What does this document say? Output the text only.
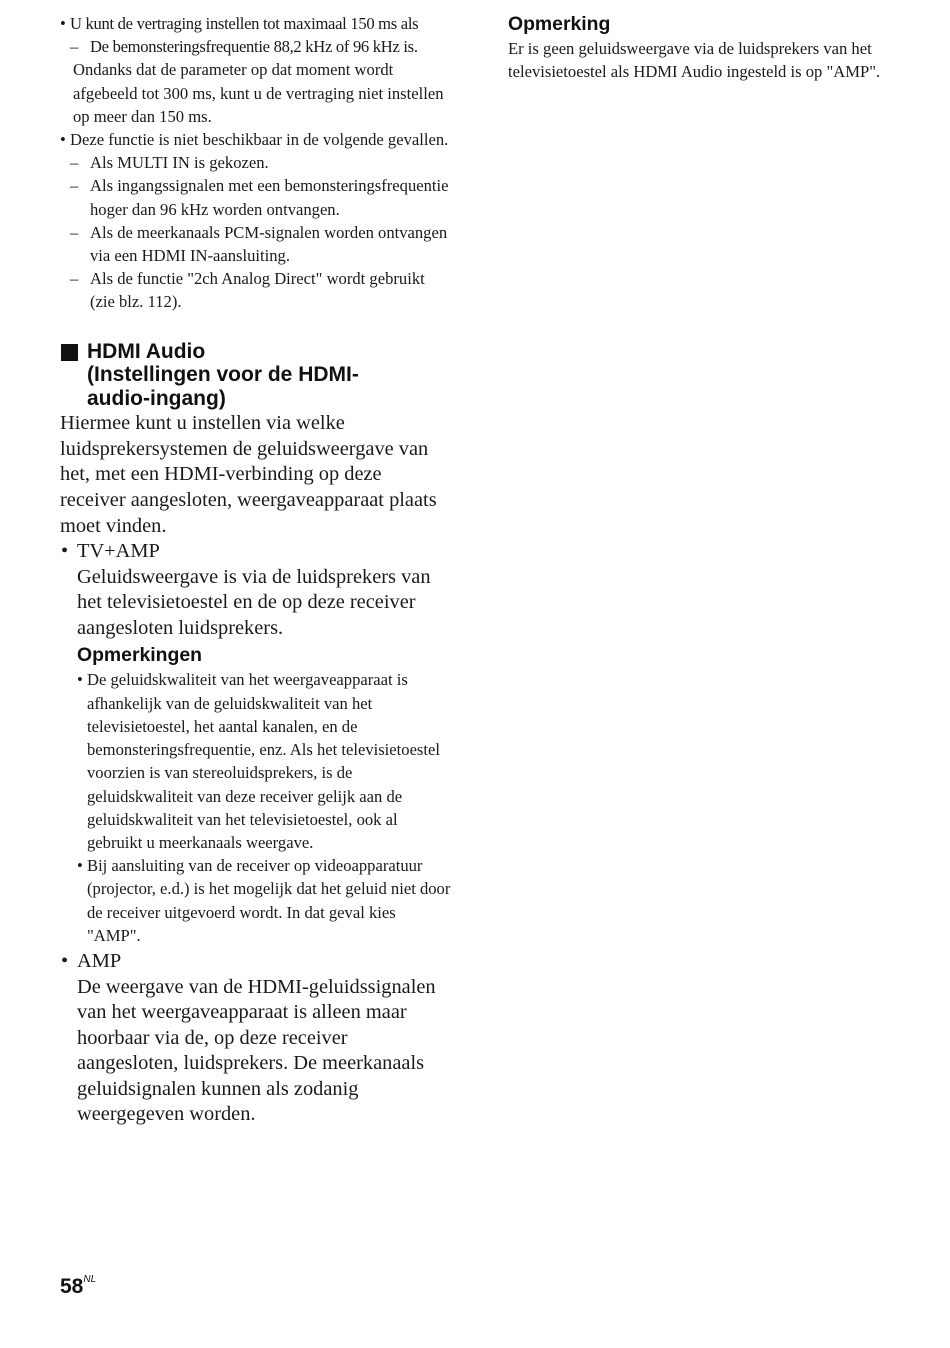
• U kunt de vertraging instellen tot maximaal 150 ms als
– De bemonsteringsfrequentie 88,2 kHz of 96 kHz is.
Ondanks dat de parameter op dat moment wordt afgebeeld tot 300 ms, kunt u de vertraging niet instellen op meer dan 150 ms.
• Deze functie is niet beschikbaar in de volgende gevallen.
– Als MULTI IN is gekozen.
– Als ingangssignalen met een bemonsteringsfrequentie hoger dan 96 kHz worden ontvangen.
– Als de meerkanaals PCM-signalen worden ontvangen via een HDMI IN-aansluiting.
– Als de functie "2ch Analog Direct" wordt gebruikt (zie blz. 112).
HDMI Audio
(Instellingen voor de HDMI-
audio-ingang)
Hiermee kunt u instellen via welke luidsprekersystemen de geluidsweergave van het, met een HDMI-verbinding op deze receiver aangesloten, weergaveapparaat plaats moet vinden.
• TV+AMP
Geluidsweergave is via de luidsprekers van het televisietoestel en de op deze receiver aangesloten luidsprekers.
Opmerkingen
• De geluidskwaliteit van het weergaveapparaat is afhankelijk van de geluidskwaliteit van het televisietoestel, het aantal kanalen, en de bemonsteringsfrequentie, enz. Als het televisietoestel voorzien is van stereoluidsprekers, is de geluidskwaliteit van deze receiver gelijk aan de geluidskwaliteit van het televisietoestel, ook al gebruikt u meerkanaals weergave.
• Bij aansluiting van de receiver op videoapparatuur (projector, e.d.) is het mogelijk dat het geluid niet door de receiver uitgevoerd wordt. In dat geval kies "AMP".
• AMP
De weergave van de HDMI-geluidssignalen van het weergaveapparaat is alleen maar hoorbaar via de, op deze receiver aangesloten, luidsprekers. De meerkanaals geluidsignalen kunnen als zodanig weergegeven worden.
Opmerking
Er is geen geluidsweergave via de luidsprekers van het televisietoestel als HDMI Audio ingesteld is op "AMP".
$58^{NL}$
